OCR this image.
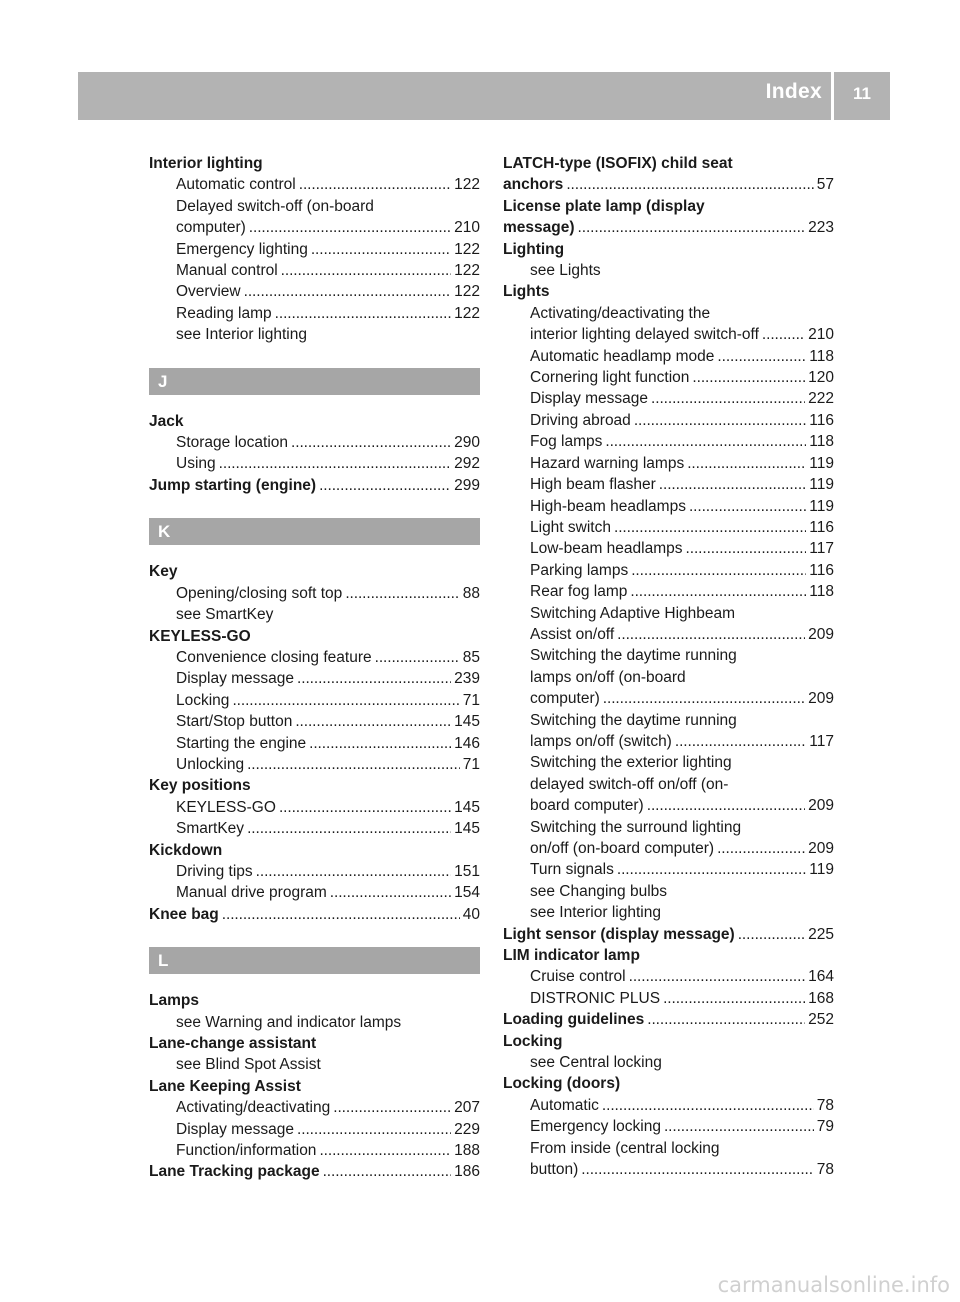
Index	11
Interior lighting
Automatic control . . .	122
Delayed switch-off (on-board
computer) . . .	210
Emergency lighting . . .	122
Manual control . . .	122
Overview . . .	122
Reading lamp . . .	122
see Interior lighting
J
Jack
Storage location . . .	290
Using . . .	292
Jump starting (engine) . . .	299
K
Key
Opening/closing soft top . . .	88
see SmartKey
KEYLESS-GO
Convenience closing feature . . .	85
Display message . . .	239
Locking . . .	71
Start/Stop button . . .	145
Starting the engine . . .	146
Unlocking . . .	71
Key positions
KEYLESS-GO . . .	145
SmartKey . . .	145
Kickdown
Driving tips . . .	151
Manual drive program . . .	154
Knee bag . . .	40
L
Lamps
see Warning and indicator lamps
Lane-change assistant
see Blind Spot Assist
Lane Keeping Assist
Activating/deactivating . . .	207
Display message . . .	229
Function/information . . .	188
Lane Tracking package . . .	186
LATCH-type (ISOFIX) child seat
anchors . . .	57
License plate lamp (display
message) . . .	223
Lighting
see Lights
Lights
Activating/deactivating the
interior lighting delayed switch-off . . .	210
Automatic headlamp mode . . .	118
Cornering light function . . .	120
Display message . . .	222
Driving abroad . . .	116
Fog lamps . . .	118
Hazard warning lamps . . .	119
High beam flasher . . .	119
High-beam headlamps . . .	119
Light switch . . .	116
Low-beam headlamps . . .	117
Parking lamps . . .	116
Rear fog lamp . . .	118
Switching Adaptive Highbeam
Assist on/off . . .	209
Switching the daytime running
lamps on/off (on-board
computer) . . .	209
Switching the daytime running
lamps on/off (switch) . . .	117
Switching the exterior lighting
delayed switch-off on/off (on-
board computer) . . .	209
Switching the surround lighting
on/off (on-board computer) . . .	209
Turn signals . . .	119
see Changing bulbs
see Interior lighting
Light sensor (display message) . . .	225
LIM indicator lamp
Cruise control . . .	164
DISTRONIC PLUS . . .	168
Loading guidelines . . .	252
Locking
see Central locking
Locking (doors)
Automatic . . .	78
Emergency locking . . .	79
From inside (central locking
button) . . .	78
carmanualsonline.info
